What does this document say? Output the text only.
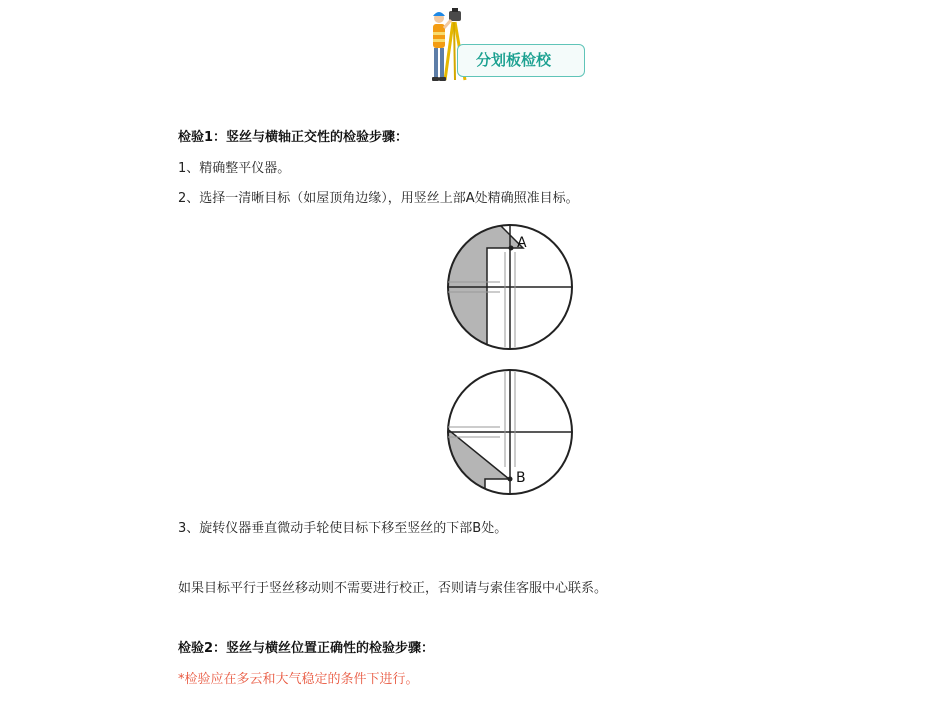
分划板检校
检验1：竖丝与横轴正交性的检验步骤：
1、精确整平仪器。
2、选择一清晰目标（如屋顶角边缘），用竖丝上部A处精确照准目标。
A
B
3、旋转仪器垂直微动手轮使目标下移至竖丝的下部B处。
如果目标平行于竖丝移动则不需要进行校正，否则请与索佳客服中心联系。
检验2：竖丝与横丝位置正确性的检验步骤：
*检验应在多云和大气稳定的条件下进行。
